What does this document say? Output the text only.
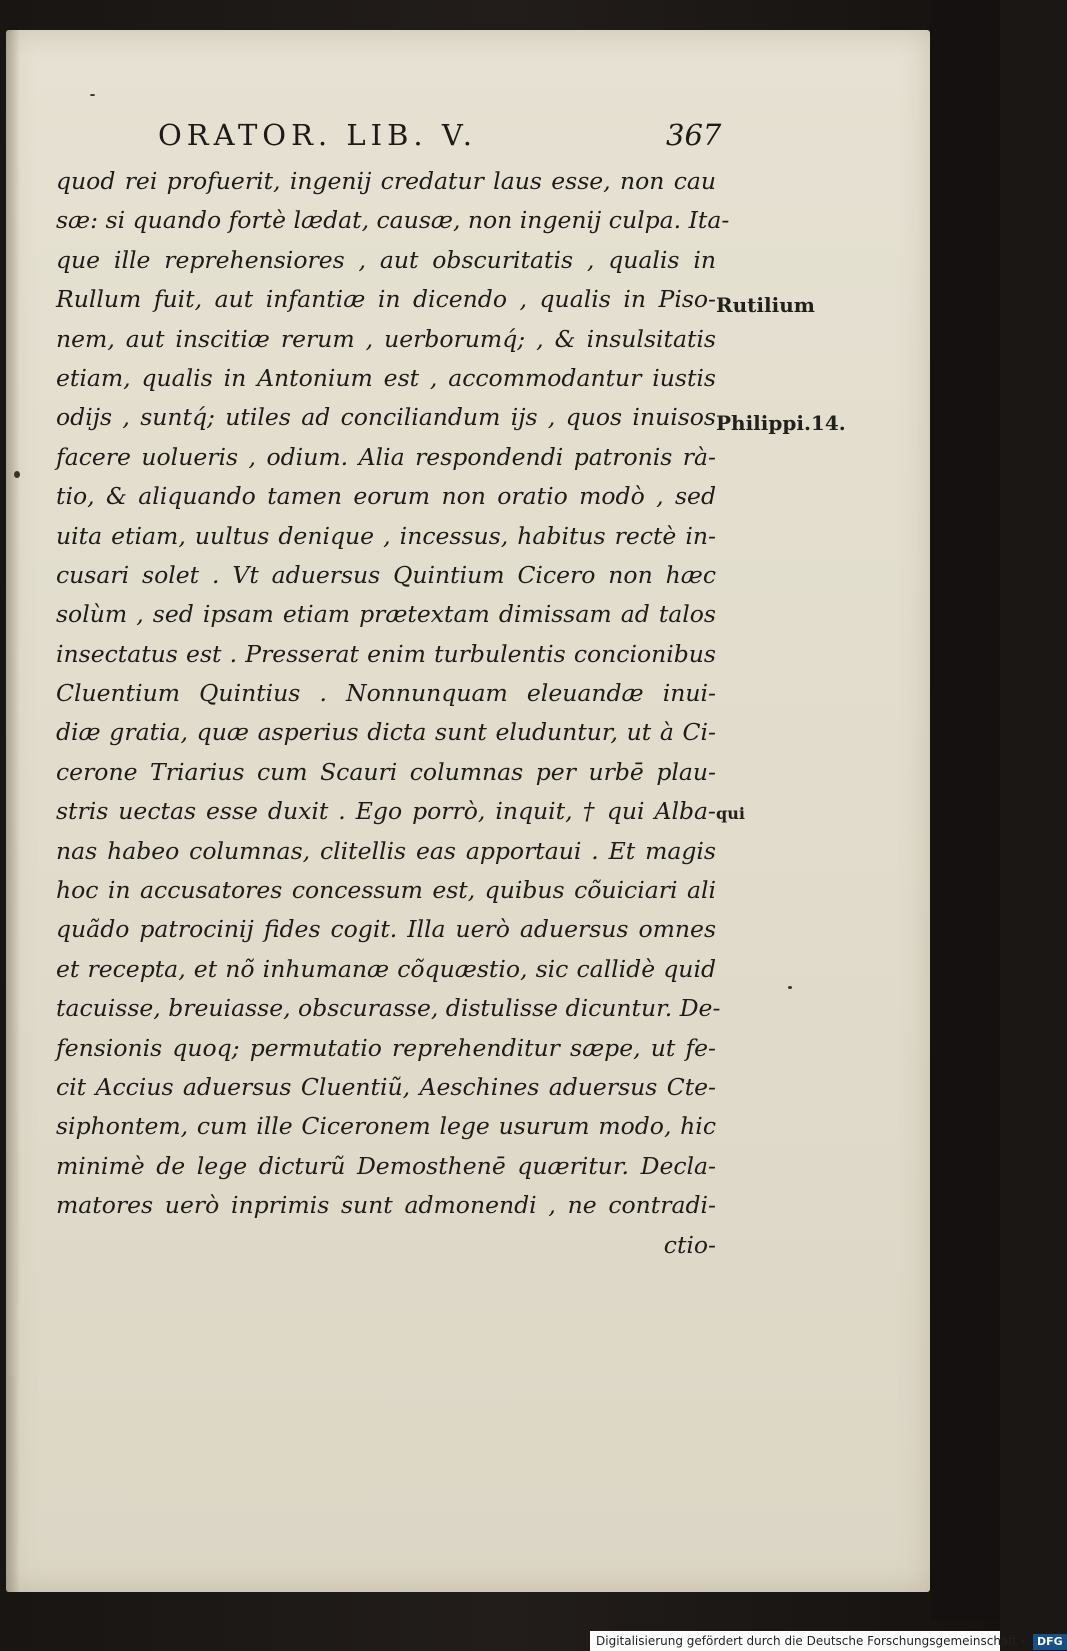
ORATOR. LIB. V.	367
quod rei profuerit, ingenij credatur laus esse, non cau
sæ: si quando fortè lædat, causæ, non ingenij culpa. Ita-
que ille reprehensiores , aut obscuritatis , qualis in
Rullum fuit, aut infantiæ in dicendo , qualis in Piso-
nem, aut inscitiæ rerum , uerborumq́; , & insulsitatis
etiam, qualis in Antonium est , accommodantur iustis
odijs , suntq́; utiles ad conciliandum ijs , quos inuisos
facere uolueris , odium. Alia respondendi patronis rà-
tio, & aliquando tamen eorum non oratio modò , sed
uita etiam, uultus denique , incessus, habitus rectè in-
cusari solet . Vt aduersus Quintium Cicero non hæc
solùm , sed ipsam etiam prætextam dimissam ad talos
insectatus est . Presserat enim turbulentis concionibus
Cluentium Quintius . Nonnunquam eleuandæ inui-
diæ gratia, quæ asperius dicta sunt eluduntur, ut à Ci-
cerone Triarius cum Scauri columnas per urbē plau-
stris uectas esse duxit . Ego porrò, inquit, † qui Alba-
nas habeo columnas, clitellis eas apportaui . Et magis
hoc in accusatores concessum est, quibus cõuiciari ali
quãdo patrocinij fides cogit. Illa uerò aduersus omnes
et recepta, et nõ inhumanæ cõquæstio, sic callidè quid
tacuisse, breuiasse, obscurasse, distulisse dicuntur. De-
fensionis quoq; permutatio reprehenditur sæpe, ut fe-
cit Accius aduersus Cluentiũ, Aeschines aduersus Cte-
siphontem, cum ille Ciceronem lege usurum modo, hic
minimè de lege dicturũ Demosthenē quæritur. Decla-
matores uerò inprimis sunt admonendi , ne contradi-
ctio-
Rutilium
Philippi.14.
qui
Digitalisierung gefördert durch die Deutsche Forschungsgemeinschaft - DFG
